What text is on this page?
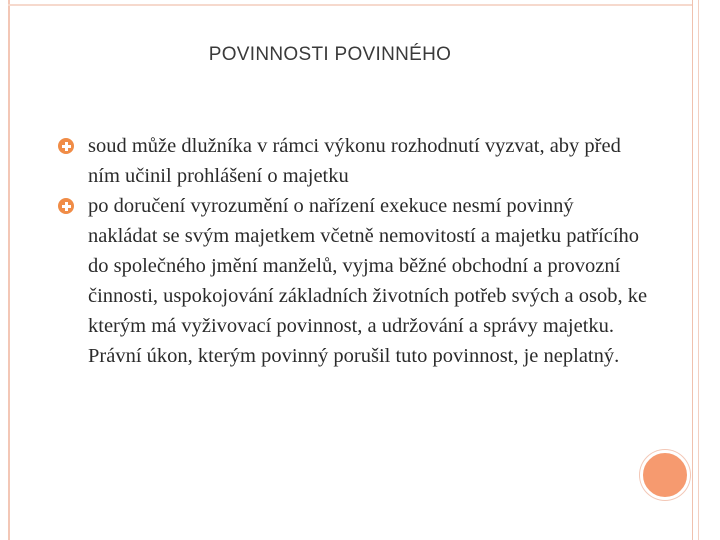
POVINNOSTI POVINNÉHO
soud může dlužníka v rámci výkonu rozhodnutí vyzvat, aby před ním učinil prohlášení o majetku
po doručení vyrozumění o nařízení exekuce nesmí povinný nakládat se svým majetkem včetně nemovitostí a majetku patřícího do společného jmění manželů, vyjma běžné obchodní a provozní činnosti, uspokojování základních životních potřeb svých a osob, ke kterým má vyživovací povinnost, a udržování a správy majetku. Právní úkon, kterým povinný porušil tuto povinnost, je neplatný.
